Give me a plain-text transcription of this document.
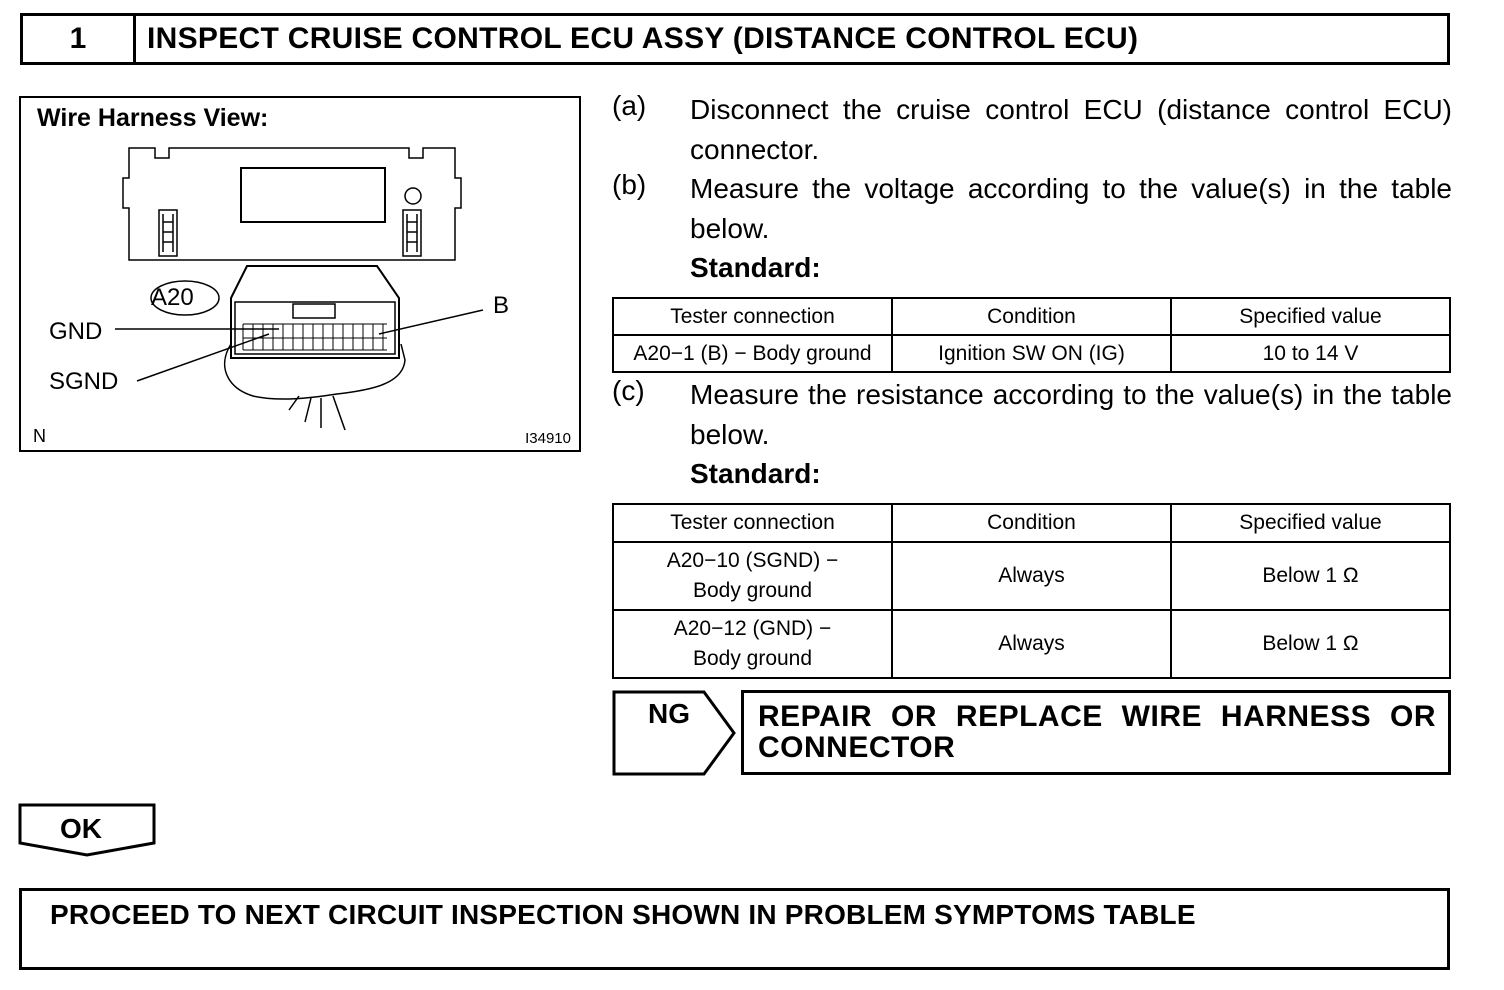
1	INSPECT CRUISE CONTROL ECU ASSY (DISTANCE CONTROL ECU)
Wire Harness View:
A20	B
GND
SGND
N	I34910
(a) Disconnect the cruise control ECU (distance control ECU) connector.
(b) Measure the voltage according to the value(s) in the table below.
Standard:
Tester connection	Condition	Specified value
A20−1 (B) − Body ground	Ignition SW ON (IG)	10 to 14 V
(c) Measure the resistance according to the value(s) in the table below.
Standard:
Tester connection	Condition	Specified value

A20−10 (SGND) −
Body ground	Always	Below 1 Ω

A20−12 (GND) −
Body ground	Always	Below 1 Ω
NG REPAIR OR REPLACE WIRE HARNESS OR CONNECTOR
OK
PROCEED TO NEXT CIRCUIT INSPECTION SHOWN IN PROBLEM SYMPTOMS TABLE
